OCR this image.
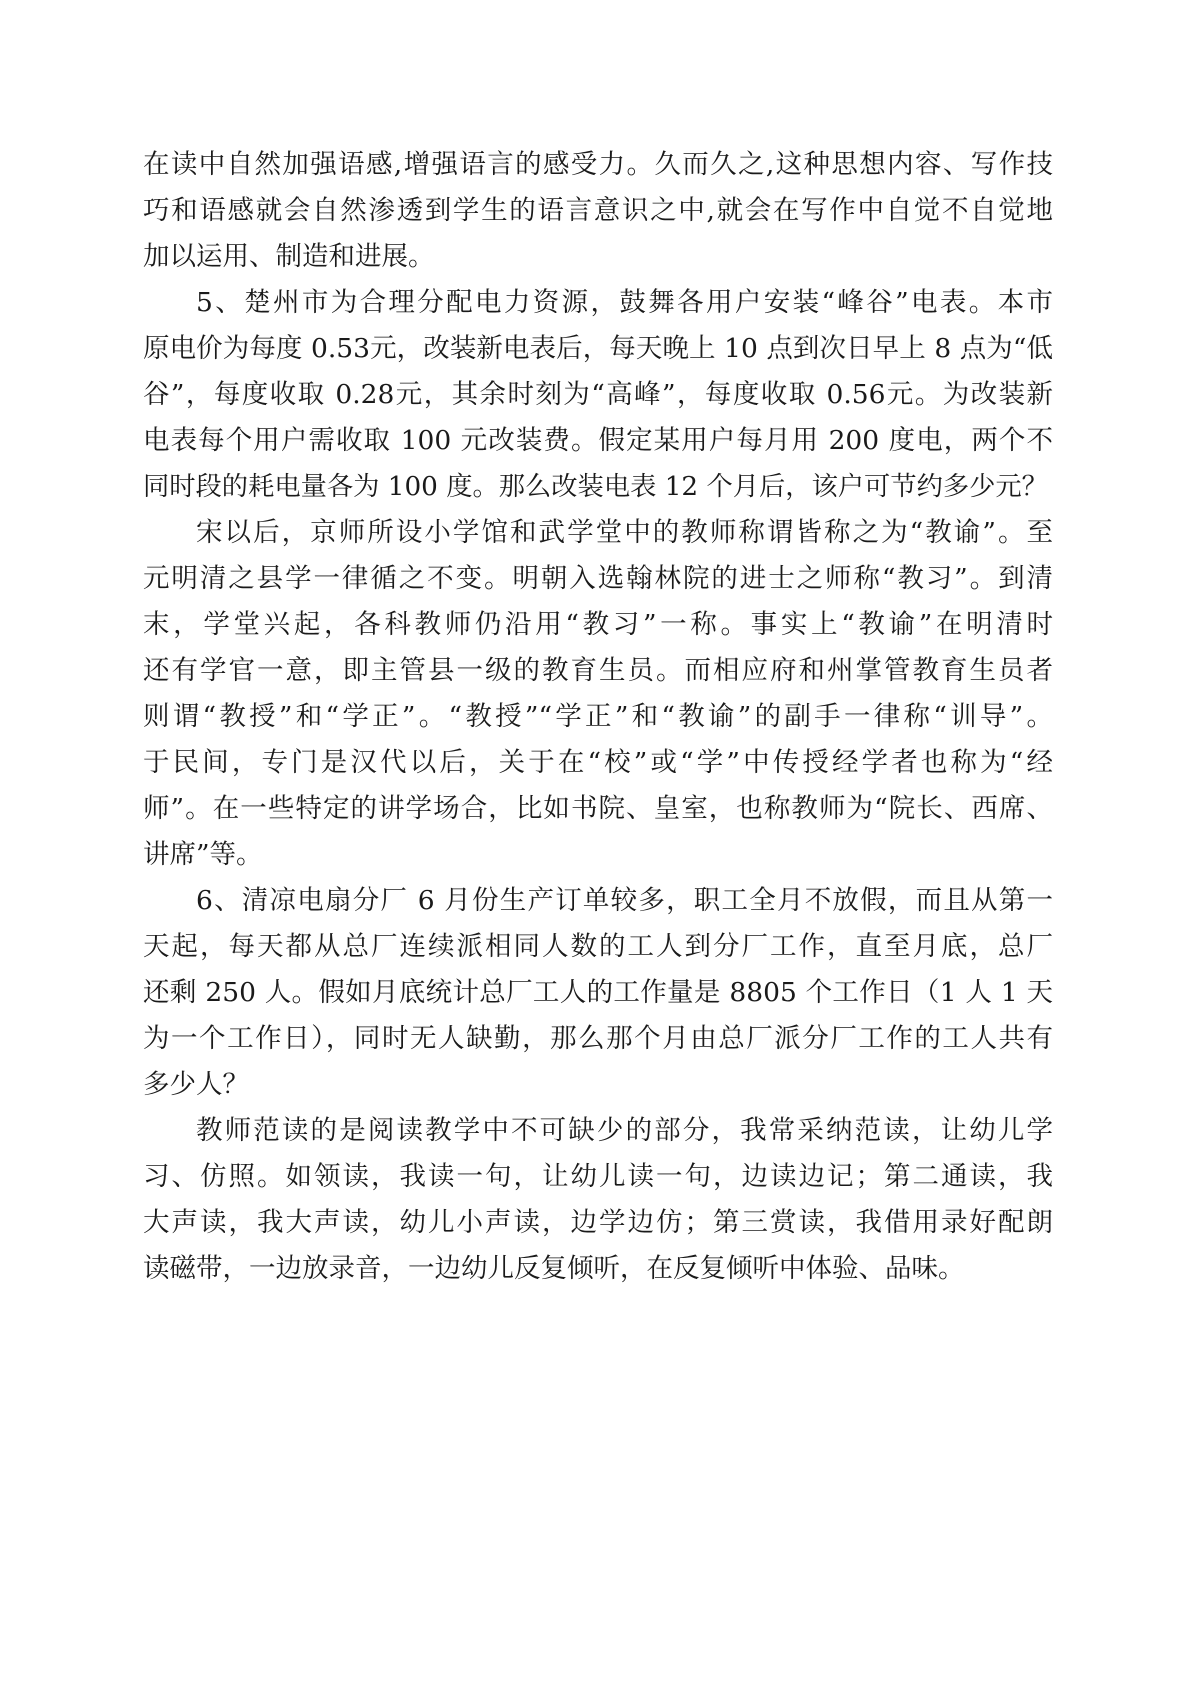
在读中自然加强语感,增强语言的感受力。久而久之,这种思想内容、写作技
巧和语感就会自然渗透到学生的语言意识之中,就会在写作中自觉不自觉地
加以运用、制造和进展。
5、楚州市为合理分配电力资源，鼓舞各用户安装“峰谷”电表。本市
原电价为每度 0.53元，改装新电表后，每天晚上 10 点到次日早上 8 点为“低
谷”，每度收取 0.28元，其余时刻为“高峰”，每度收取 0.56元。为改装新
电表每个用户需收取 100 元改装费。假定某用户每月用 200 度电，两个不
同时段的耗电量各为 100 度。那么改装电表 12 个月后，该户可节约多少元？
宋以后，京师所设小学馆和武学堂中的教师称谓皆称之为“教谕”。至
元明清之县学一律循之不变。明朝入选翰林院的进士之师称“教习”。到清
末，学堂兴起，各科教师仍沿用“教习”一称。事实上“教谕”在明清时
还有学官一意，即主管县一级的教育生员。而相应府和州掌管教育生员者
则谓“教授”和“学正”。“教授”“学正”和“教谕”的副手一律称“训导”。
于民间，专门是汉代以后，关于在“校”或“学”中传授经学者也称为“经
师”。在一些特定的讲学场合，比如书院、皇室，也称教师为“院长、西席、
讲席”等。
6、清凉电扇分厂 6 月份生产订单较多，职工全月不放假，而且从第一
天起，每天都从总厂连续派相同人数的工人到分厂工作，直至月底，总厂
还剩 250 人。假如月底统计总厂工人的工作量是 8805 个工作日（1 人 1 天
为一个工作日），同时无人缺勤，那么那个月由总厂派分厂工作的工人共有
多少人？
教师范读的是阅读教学中不可缺少的部分，我常采纳范读，让幼儿学
习、仿照。如领读，我读一句，让幼儿读一句，边读边记；第二通读，我
大声读，我大声读，幼儿小声读，边学边仿；第三赏读，我借用录好配朗
读磁带，一边放录音，一边幼儿反复倾听，在反复倾听中体验、品味。
